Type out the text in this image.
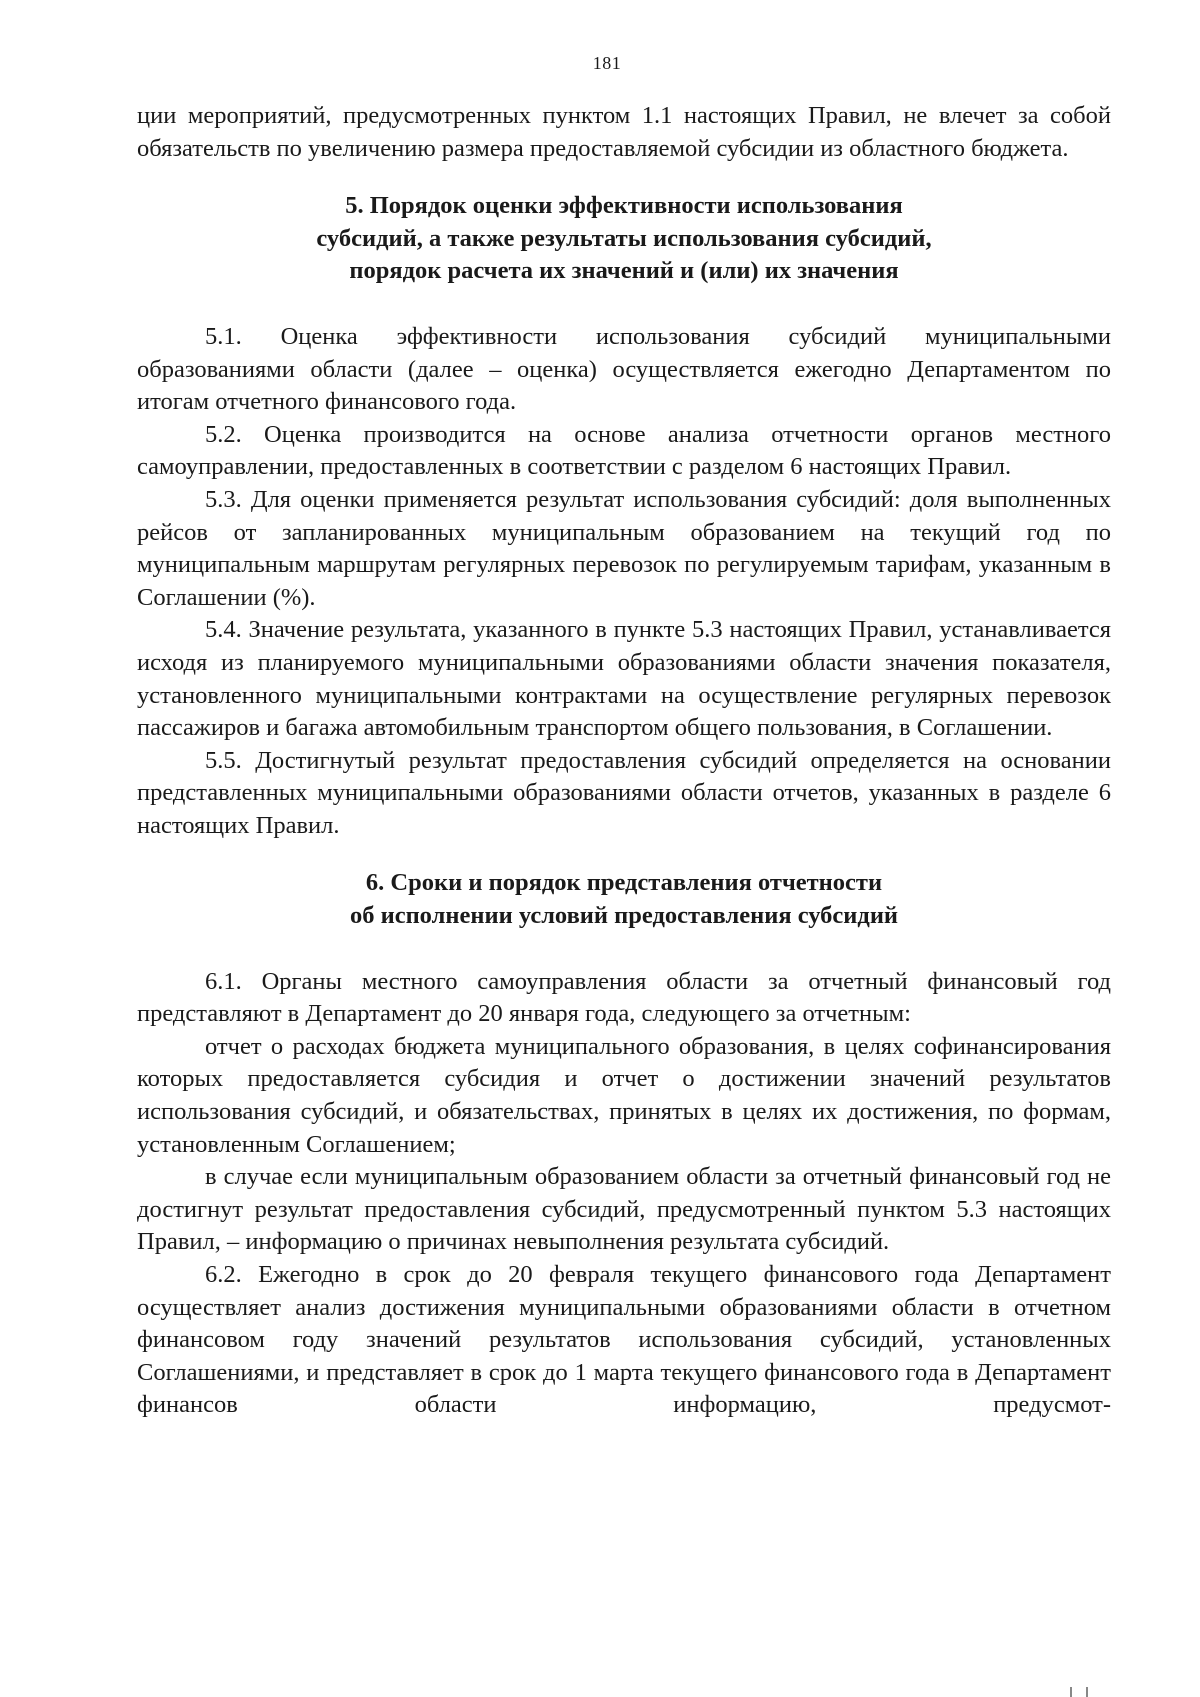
181

ции мероприятий, предусмотренных пунктом 1.1 настоящих Правил, не влечет за собой обязательств по увеличению размера предоставляемой субсидии из областного бюджета.

5. Порядок оценки эффективности использования

субсидий, а также результаты использования субсидий,

порядок расчета их значений и (или) их значения

5.1. Оценка эффективности использования субсидий муниципальными образованиями области (далее – оценка) осуществляется ежегодно Департаментом по итогам отчетного финансового года.

5.2. Оценка производится на основе анализа отчетности органов местного самоуправлении, предоставленных в соответствии с разделом 6 настоящих Правил.

5.3. Для оценки применяется результат использования субсидий: доля выполненных рейсов от запланированных муниципальным образованием на текущий год по муниципальным маршрутам регулярных перевозок по регулируемым тарифам, указанным в Соглашении (%).

5.4. Значение результата, указанного в пункте 5.3 настоящих Правил, устанавливается исходя из планируемого муниципальными образованиями области значения показателя, установленного муниципальными контрактами на осуществление регулярных перевозок пассажиров и багажа автомобильным транспортом общего пользования, в Соглашении.

5.5. Достигнутый результат предоставления субсидий определяется на основании представленных муниципальными образованиями области отчетов, указанных в разделе 6 настоящих Правил.

6. Сроки и порядок представления отчетности

об исполнении условий предоставления субсидий

6.1. Органы местного самоуправления области за отчетный финансовый год представляют в Департамент до 20 января года, следующего за отчетным:

отчет о расходах бюджета муниципального образования, в целях софинансирования которых предоставляется субсидия и отчет о достижении значений результатов использования субсидий, и обязательствах, принятых в целях их достижения, по формам, установленным Соглашением;

в случае если муниципальным образованием области за отчетный финансовый год не достигнут результат предоставления субсидий, предусмотренный пунктом 5.3 настоящих Правил, – информацию о причинах невыполнения результата субсидий.

6.2. Ежегодно в срок до 20 февраля текущего финансового года Департамент осуществляет анализ достижения муниципальными образованиями области в отчетном финансовом году значений результатов использования субсидий, установленных Соглашениями, и представляет в срок до 1 марта текущего финансового года в Департамент финансов области информацию, предусмот-
